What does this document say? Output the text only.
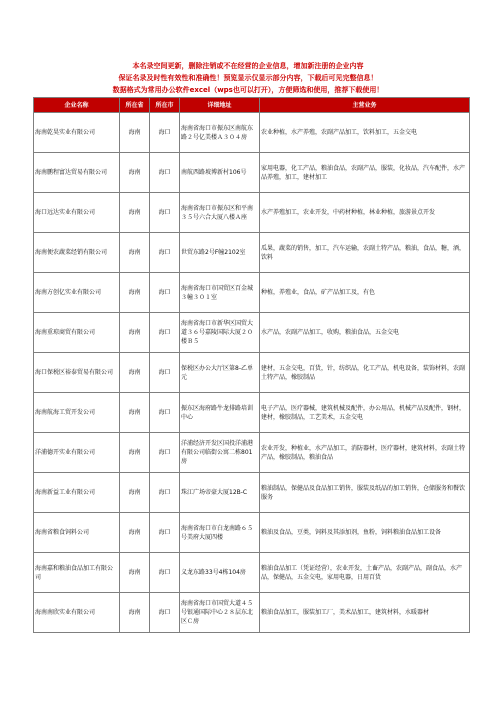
本名录空间更新，删除注销或不在经营的企业信息，增加新注册的企业内容
保证名录及时性有效性和准确性！预览显示仅显示部分内容，下载后可见完整信息！
数据格式为常用办公软件excel（wps也可以打开），方便筛选和使用，推荐下载使用！
企业名称	所在省	所在市	详细地址	主营业务
海南乾昊实业有限公司	海南	海口	海南省海口市振东区南航东路２号亿美楼Ａ３０４房	农业种植，水产养殖，农副产品加工，饮料加工，五金交电
海南鹏程富达贸易有限公司	海南	海口	南航西路坡博新村106号	家用电器，化工产品，粮油食品，农副产品，服装，化妆品，汽车配件，水产品养殖，加工，建材加工
海口远达实业有限公司	海南	海口	海南省海口市振东区和平南３５号六合大厦八楼Ａ座	水产养殖加工，农业开发，中药材种植，林业种植，旅游景点开发
海南便农蔬菜经销有限公司	海南	海口	世贸东路2号F幢2102室	瓜果，蔬菜的销售，加工，汽车运输，农副土特产品，粮油，食品，糖，酒，饮料
海南方创亿实业有限公司	海南	海口	海南省海口市国贸区百金城３幢３０１室	种植，养殖业，食品，矿产品加工及，有色
海南重琼商贸有限公司	海南	海口	海南省海口市新华区国贸大道３６号嘉陵国际大厦２０楼Ｂ５	水产品，农副产品加工，收购，粮油食品，五金交电
海口保税区裕泰贸易有限公司	海南	海口	保税区办公大厅区第8-乙单元	建材，五金交电，百货，针，纺织品，化工产品，机电设备，装饰材料，农副土特产品，橡胶制品
海南航海工贸开发公司	海南	海口	振东区海府路牛龙排路培训中心	电子产品，医疗器械，建筑机械及配件，办公用品，机械产品及配件，钢材，建材，橡胶制品，工艺美术，五金交电
洋浦德开实业有限公司	海南	海口	洋浦经济开发区国投洋浦港有限公司临街公寓二栋801房	农业开发，种植业，水产品加工，消防器材，医疗器材，建筑材料，农副土特产品，橡胶制品，粮油食品
海南新益工业有限公司	海南	海口	珠江广场帝豪大厦12B-C	粮油制品，保健品及食品加工销售，服装及纸品的加工销售，仓储服务和餐饮服务
海南省粮食饲料公司	海南	海口	海南省海口市白龙南路６５号美府大厦四楼	粮油及食品，豆类，饲料及其添加剂，鱼粉，饲料粮油食品加工设备
海南嘉和粮油食品加工有限公司	海南	海口	义龙东路33号4栋104房	粮油食品加工（凭证经营），农业开发，土畜产品，农副产品，副食品，水产品，保健品，五金交电，家用电器，日用百货
海南南欣实业有限公司	海南	海口	海南省海口市国贸大道４５号银通国际中心２８层东北区Ｃ房	粮油食品加工，服装加工厂，美术品加工，建筑材料，水暖器材
